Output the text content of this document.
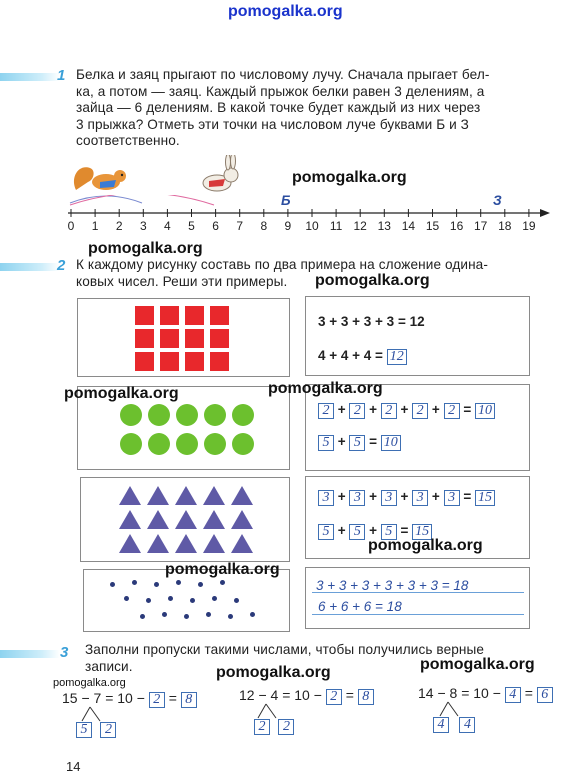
pomogalka.org
1 Белка и заяц прыгают по числовому лучу. Сначала прыгает бел-
ка, а потом — заяц. Каждый прыжок белки равен 3 делениям, а
зайца — 6 делениям. В какой точке будет каждый из них через
3 прыжка? Отметь эти точки на числовом луче буквами Б и З
соответственно.
Б	З
0	1	2	3	4	5	6	7	8	9	10 11 12 13 14 15 16 17 18 19
pomogalka.org
pomogalka.org
2 К каждому рисунку составь по два примера на сложение одина-
ковых чисел. Реши эти примеры.	pomogalka.org
3 + 3 + 3 + 3 = 12
4 + 4 + 4 = 12
2 + 2 + 2 + 2 + 2 = 10
5 + 5 = 10
3 + 3 + 3 + 3 + 3 = 15
5 + 5 + 5 = 15
3 + 3 + 3 + 3 + 3 + 3 = 18
6 + 6 + 6 = 18
pomogalka.org	pomogalka.org
pomogalka.org
pomogalka.org
3 Заполни пропуски такими числами, чтобы получились верные
записи.	pomogalka.org	pomogalka.org
pomogalka.org
15 − 7 = 10 − 2 = 8
5 2
12 − 4 = 10 − 2 = 8
2 2
14 − 8 = 10 − 4 = 6
4 4
14
